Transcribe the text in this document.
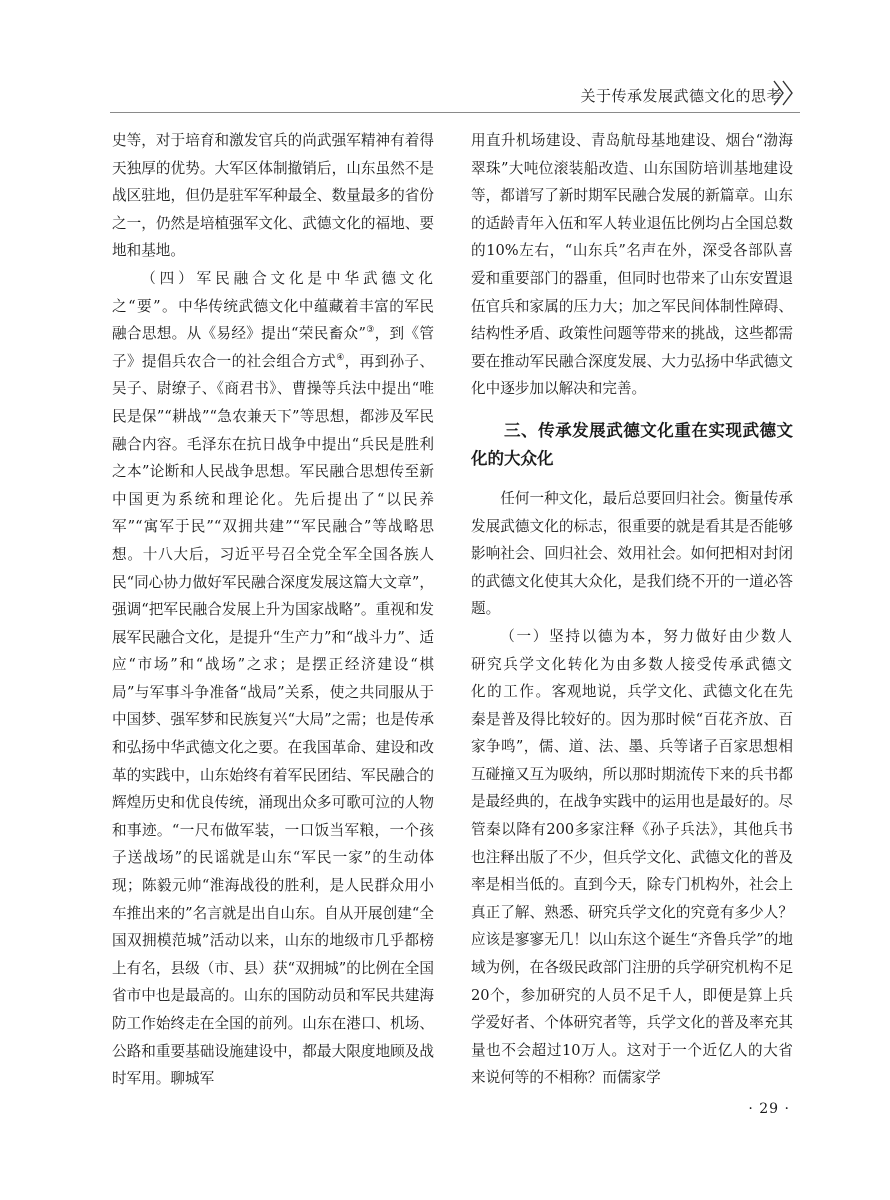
关于传承发展武德文化的思考

史等，对于培育和激发官兵的尚武强军精神有着得天独厚的优势。大军区体制撤销后，山东虽然不是战区驻地，但仍是驻军军种最全、数量最多的省份之一，仍然是培植强军文化、武德文化的福地、要地和基地。

（四）军民融合文化是中华武德文化之“要”。中华传统武德文化中蕴藏着丰富的军民融合思想。从《易经》提出“荣民畜众”③，到《管子》提倡兵农合一的社会组合方式④，再到孙子、吴子、尉缭子、《商君书》、曹操等兵法中提出“唯民是保”“耕战”“急农兼天下”等思想，都涉及军民融合内容。毛泽东在抗日战争中提出“兵民是胜利之本”论断和人民战争思想。军民融合思想传至新中国更为系统和理论化。先后提出了“以民养军”“寓军于民”“双拥共建”“军民融合”等战略思想。十八大后，习近平号召全党全军全国各族人民“同心协力做好军民融合深度发展这篇大文章”，强调“把军民融合发展上升为国家战略”。重视和发展军民融合文化，是提升“生产力”和“战斗力”、适应“市场”和“战场”之求；是摆正经济建设“棋局”与军事斗争准备“战局”关系，使之共同服从于中国梦、强军梦和民族复兴“大局”之需；也是传承和弘扬中华武德文化之要。在我国革命、建设和改革的实践中，山东始终有着军民团结、军民融合的辉煌历史和优良传统，涌现出众多可歌可泣的人物和事迹。“一尺布做军装，一口饭当军粮，一个孩子送战场”的民谣就是山东“军民一家”的生动体现；陈毅元帅“淮海战役的胜利，是人民群众用小车推出来的”名言就是出自山东。自从开展创建“全国双拥模范城”活动以来，山东的地级市几乎都榜上有名，县级（市、县）获“双拥城”的比例在全国省市中也是最高的。山东的国防动员和军民共建海防工作始终走在全国的前列。山东在港口、机场、公路和重要基础设施建设中，都最大限度地顾及战时军用。聊城军

用直升机场建设、青岛航母基地建设、烟台“渤海翠珠”大吨位滚装船改造、山东国防培训基地建设等，都谱写了新时期军民融合发展的新篇章。山东的适龄青年入伍和军人转业退伍比例均占全国总数的10%左右，“山东兵”名声在外，深受各部队喜爱和重要部门的器重，但同时也带来了山东安置退伍官兵和家属的压力大；加之军民间体制性障碍、结构性矛盾、政策性问题等带来的挑战，这些都需要在推动军民融合深度发展、大力弘扬中华武德文化中逐步加以解决和完善。

三、传承发展武德文化重在实现武德文化的大众化

任何一种文化，最后总要回归社会。衡量传承发展武德文化的标志，很重要的就是看其是否能够影响社会、回归社会、效用社会。如何把相对封闭的武德文化使其大众化，是我们绕不开的一道必答题。

（一）坚持以德为本，努力做好由少数人研究兵学文化转化为由多数人接受传承武德文化的工作。客观地说，兵学文化、武德文化在先秦是普及得比较好的。因为那时候“百花齐放、百家争鸣”，儒、道、法、墨、兵等诸子百家思想相互碰撞又互为吸纳，所以那时期流传下来的兵书都是最经典的，在战争实践中的运用也是最好的。尽管秦以降有200多家注释《孙子兵法》，其他兵书也注释出版了不少，但兵学文化、武德文化的普及率是相当低的。直到今天，除专门机构外，社会上真正了解、熟悉、研究兵学文化的究竟有多少人？应该是寥寥无几！以山东这个诞生“齐鲁兵学”的地域为例，在各级民政部门注册的兵学研究机构不足20个，参加研究的人员不足千人，即便是算上兵学爱好者、个体研究者等，兵学文化的普及率充其量也不会超过10万人。这对于一个近亿人的大省来说何等的不相称？而儒家学

· 29 ·
